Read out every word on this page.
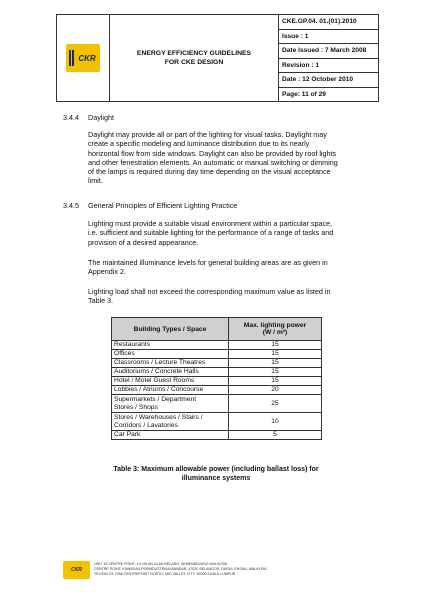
CKR	ENERGY EFFICIENCY GUIDELINES
FOR CKE DESIGN
CKE.GP.04. 01.(01).2010
Issue : 1
Date Issued : 7 March 2008
Revision : 1
Date : 12 October 2010
Page: 11 of 29
3.4.4 Daylight
Daylight may provide all or part of the lighting for visual tasks. Daylight may
create a specific modeling and luminance distribution due to its nearly
horizontal flow from side windows. Daylight can also be provided by roof lights
and other fenestration elements. An automatic or manual switching or dimming
of the lamps is required during day time depending on the visual acceptance
limit.
3.4.5 General Principles of Efficient Lighting Practice
Lighting must provide a suitable visual environment within a particular space,
i.e. sufficient and suitable lighting for the performance of a range of tasks and
provision of a desired appearance.
The maintained illuminance levels for general building areas are as given in
Appendix 2.
Lighting load shall not exceed the corresponding maximum value as listed in
Table 3.
Building Types / Space	Max. lighting power
(W / m²)
Restaurants	15
Offices	15
Classrooms / Lecture Theatres	15
Auditoriums / Concrete Halls	15
Hotel / Motel Guest Rooms	15
Lobbies / Atriums / Concourse	20
Supermarkets / Department
Stores / Shops	25
Stores / Warehouses / Stairs /
Corridors / Lavatories	10
Car Park	5
Table 3: Maximum allowable power (including ballast loss) for
illuminance systems
CKR
UNIT 19 CENTRE POINT, 19 JALAN ULAN BELANG, SEMENANJUNG MALAYSIA
CENTRE POINT, KAWASAN PERINDUSTRIAN BANDAR, 47610 SELANGOR, DARUL EHSAN, MALAYSIA
TEL/FAX 03-7958 CENTREPOINT NORTH, MID VALLEY CITY, 59200 KUALA LUMPUR
